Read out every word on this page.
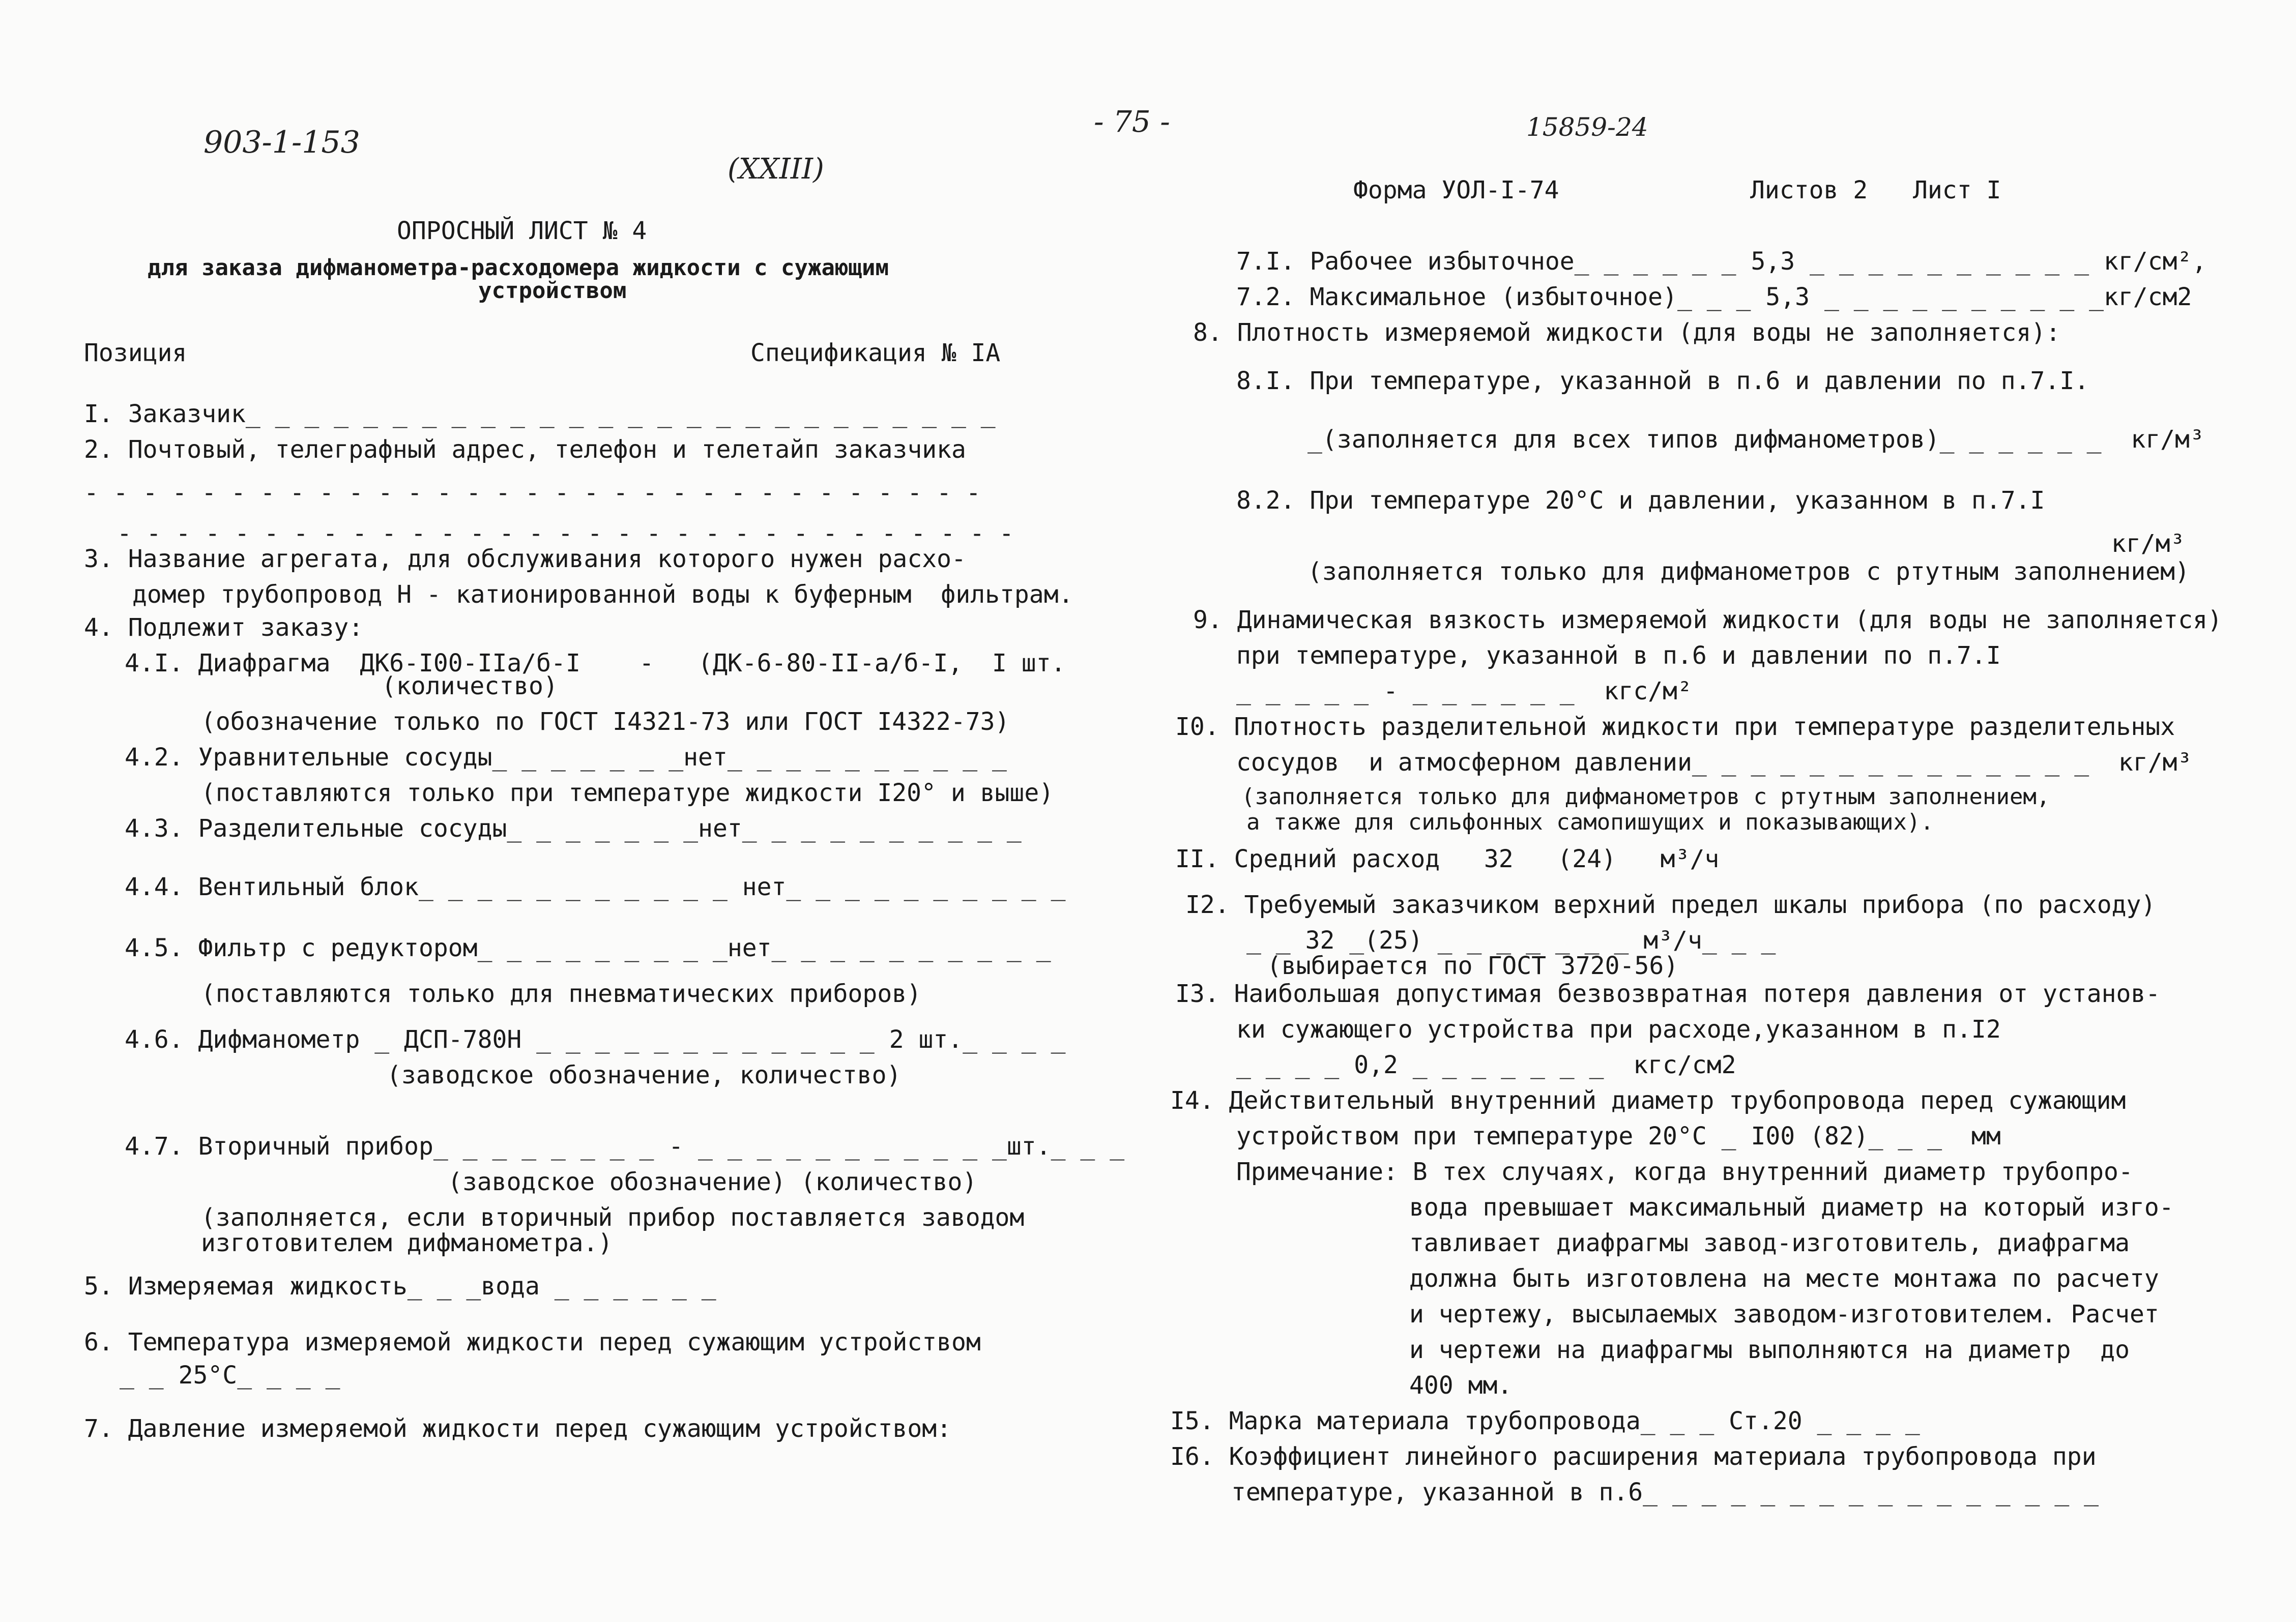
903-1-153
(XXIII)
- 75 -	15859-24
Форма УОЛ-I-74	Листов 2 Лист I
ОПРОСНЫЙ ЛИСТ № 4
для заказа дифманометра-расходомера жидкости с сужающим
устройством
Позиция	Спецификация № IA
I. Заказчик_ _ _ _ _ _ _ _ _ _ _ _ _ _ _ _ _ _ _ _ _ _ _ _ _ _
2. Почтовый, телеграфный адрес, телефон и телетайп заказчика
- - - - - - - - - - - - - - - - - - - - - - - - - - - - - - -
- - - - - - - - - - - - - - - - - - - - - - - - - - - - - - -
3. Название агрегата, для обслуживания которого нужен расхо-
домер трубопровод Н - катионированной воды к буферным  фильтрам.
4. Подлежит заказу:
4.I. Диафрагма  ДК6-I00-IIa/б-I    -   (ДК-6-80-II-а/б-I,  I шт.
(количество)
(обозначение только по ГОСТ I4321-73 или ГОСТ I4322-73)
4.2. Уравнительные сосуды_ _ _ _ _ _ _нет_ _ _ _ _ _ _ _ _ _
(поставляются только при температуре жидкости I20° и выше)
4.3. Разделительные сосуды_ _ _ _ _ _ _нет_ _ _ _ _ _ _ _ _ _
4.4. Вентильный блок_ _ _ _ _ _ _ _ _ _ _ нет_ _ _ _ _ _ _ _ _ _
4.5. Фильтр с редуктором_ _ _ _ _ _ _ _ _нет_ _ _ _ _ _ _ _ _ _
(поставляются только для пневматических приборов)
4.6. Дифманометр _ ДСП-780Н _ _ _ _ _ _ _ _ _ _ _ _ 2 шт._ _ _ _
(заводское обозначение, количество)
4.7. Вторичный прибор_ _ _ _ _ _ _ _ - _ _ _ _ _ _ _ _ _ _ _шт._ _ _
(заводское обозначение) (количество)
(заполняется, если вторичный прибор поставляется заводом
изготовителем дифманометра.)
5. Измеряемая жидкость_ _ _вода _ _ _ _ _ _
6. Температура измеряемой жидкости перед сужающим устройством
_ _ 25°C_ _ _ _
7. Давление измеряемой жидкости перед сужающим устройством:
7.I. Рабочее избыточное_ _ _ _ _ _ 5,3 _ _ _ _ _ _ _ _ _ _ кг/см²,
7.2. Максимальное (избыточное)_ _ _ 5,3 _ _ _ _ _ _ _ _ _ _кг/см2
8. Плотность измеряемой жидкости (для воды не заполняется):
8.I. При температуре, указанной в п.6 и давлении по п.7.I.
_(заполняется для всех типов дифманометров)_ _ _ _ _ _  кг/м³
8.2. При температуре 20°C и давлении, указанном в п.7.I
кг/м³
(заполняется только для дифманометров с ртутным заполнением)
9. Динамическая вязкость измеряемой жидкости (для воды не заполняется)
при температуре, указанной в п.6 и давлении по п.7.I
_ _ _ _ _ - _ _ _ _ _ _  кгс/м²
I0. Плотность разделительной жидкости при температуре разделительных
сосудов  и атмосферном давлении_ _ _ _ _ _ _ _ _ _ _ _ _ _  кг/м³
(заполняется только для дифманометров с ртутным заполнением,
а также для сильфонных самопишущих и показывающих).
II. Средний расход   32   (24)   м³/ч
I2. Требуемый заказчиком верхний предел шкалы прибора (по расходу)
_ _ 32 _(25) _ _ _ _ _ _ _ м³/ч_ _ _
(выбирается по ГОСТ 3720-56)
I3. Наибольшая допустимая безвозвратная потеря давления от установ-
ки сужающего устройства при расходе,указанном в п.I2
_ _ _ _ 0,2 _ _ _ _ _ _ _  кгс/см2
I4. Действительный внутренний диаметр трубопровода перед сужающим
устройством при температуре 20°C _ I00 (82)_ _ _  мм
Примечание: В тех случаях, когда внутренний диаметр трубопро-
вода превышает максимальный диаметр на который изго-
тавливает диафрагмы завод-изготовитель, диафрагма
должна быть изготовлена на месте монтажа по расчету
и чертежу, высылаемых заводом-изготовителем. Расчет
и чертежи на диафрагмы выполняются на диаметр  до
400 мм.
I5. Марка материала трубопровода_ _ _ Ст.20 _ _ _ _
I6. Коэффициент линейного расширения материала трубопровода при
температуре, указанной в п.6_ _ _ _ _ _ _ _ _ _ _ _ _ _ _ _
